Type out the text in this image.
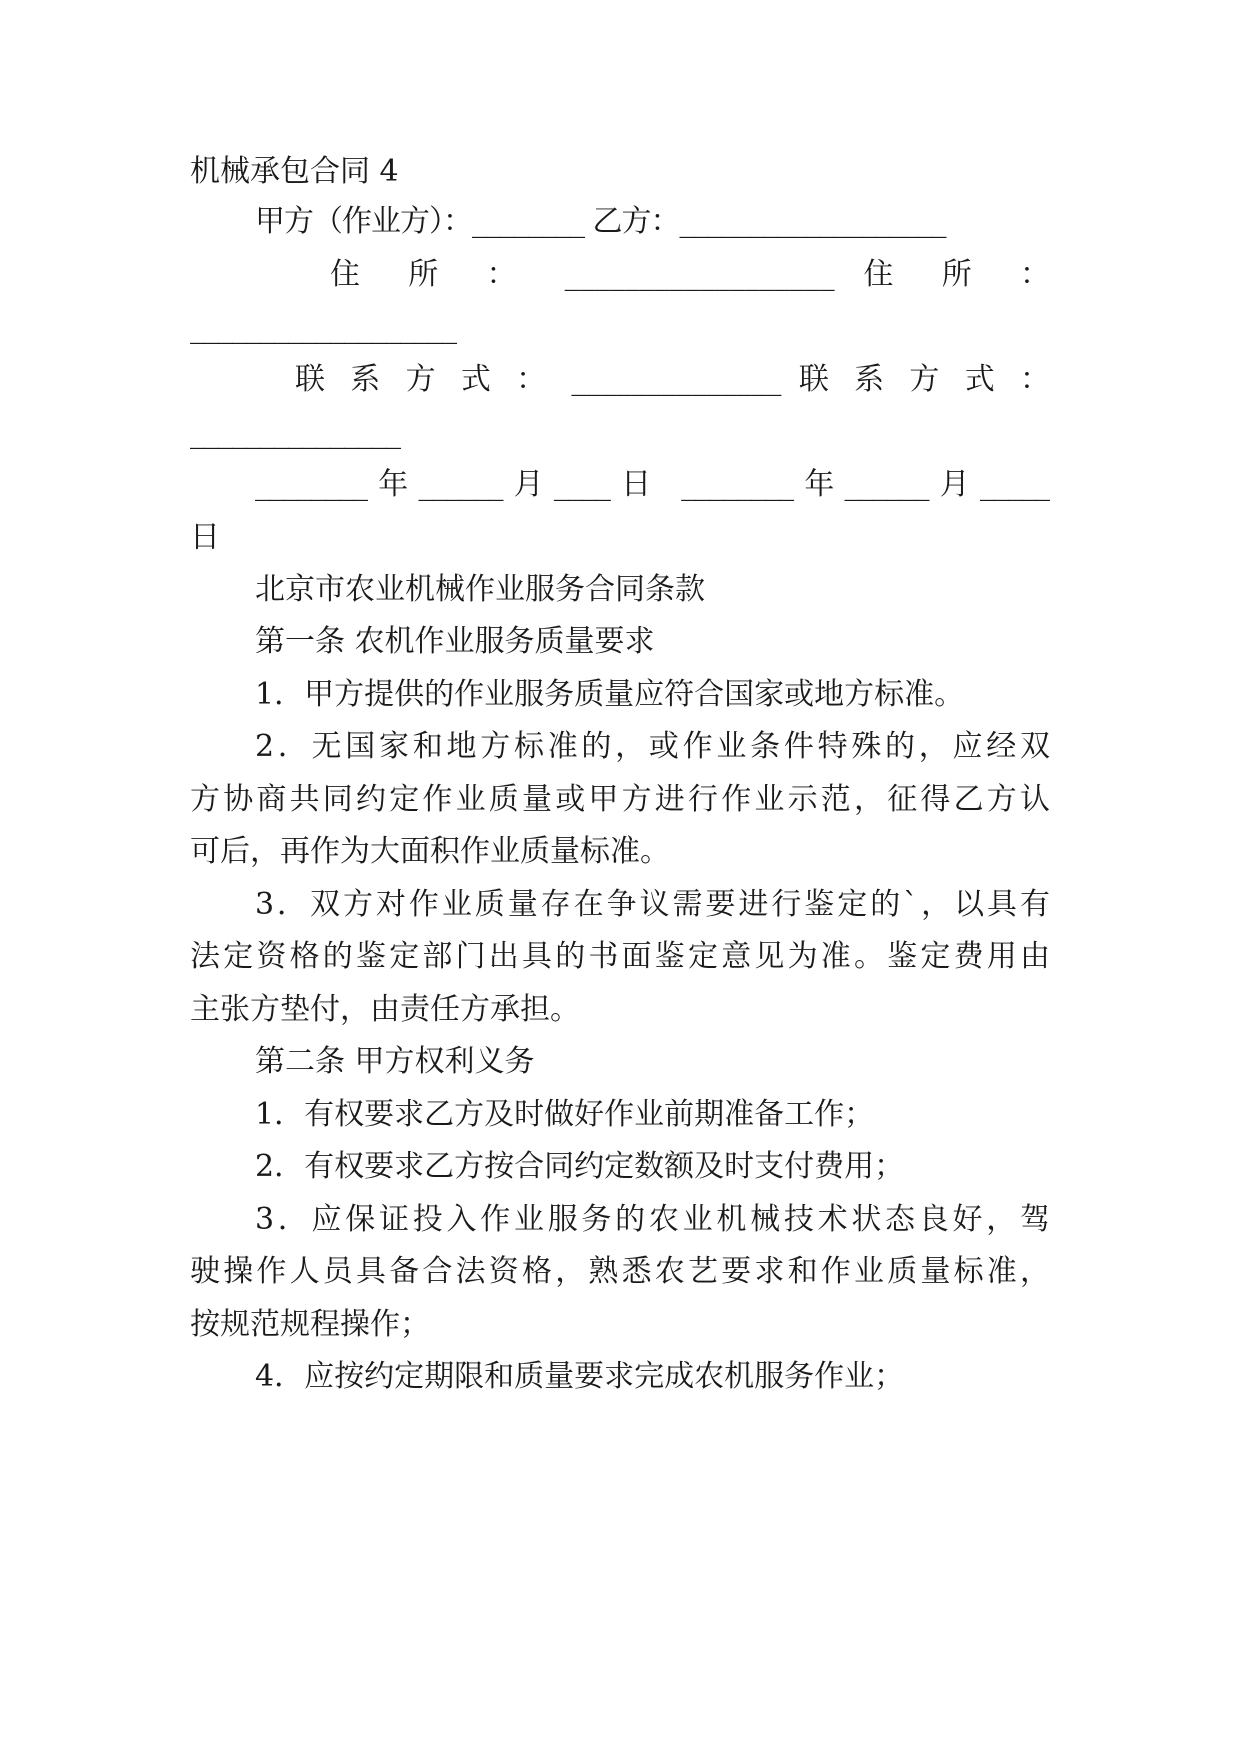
机械承包合同 4
甲方（作业方）：________ 乙方：___________________
住 所 ： __________________ 住 所 ：
___________________
联 系 方 式 ： ______________ 联 系 方 式 ：
_______________
________年______月____日 ________年______月_____
日
北京市农业机械作业服务合同条款
第一条 农机作业服务质量要求
1．甲方提供的作业服务质量应符合国家或地方标准。
2．无国家和地方标准的，或作业条件特殊的，应经双
方协商共同约定作业质量或甲方进行作业示范，征得乙方认
可后，再作为大面积作业质量标准。
3．双方对作业质量存在争议需要进行鉴定的`，以具有
法定资格的鉴定部门出具的书面鉴定意见为准。鉴定费用由
主张方垫付，由责任方承担。
第二条 甲方权利义务
1．有权要求乙方及时做好作业前期准备工作；
2．有权要求乙方按合同约定数额及时支付费用；
3．应保证投入作业服务的农业机械技术状态良好，驾
驶操作人员具备合法资格，熟悉农艺要求和作业质量标准，
按规范规程操作；
4．应按约定期限和质量要求完成农机服务作业；
